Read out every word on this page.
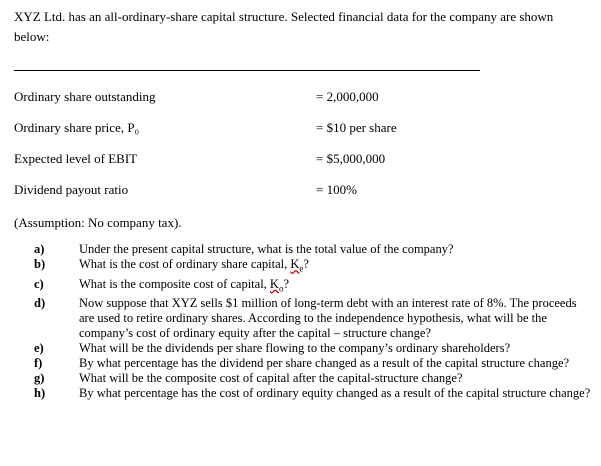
XYZ Ltd. has an all-ordinary-share capital structure. Selected financial data for the company are shown below:
Ordinary share outstanding	= 2,000,000
Ordinary share price, P₀	= $10 per share
Expected level of EBIT	= $5,000,000
Dividend payout ratio	= 100%
(Assumption: No company tax).
a)	Under the present capital structure, what is the total value of the company?
b)	What is the cost of ordinary share capital, $K_e$?
c)	What is the composite cost of capital, $K_o$?
d)	Now suppose that XYZ sells $1 million of long-term debt with an interest rate of 8%. The proceeds are used to retire ordinary shares. According to the independence hypothesis, what will be the company’s cost of ordinary equity after the capital – structure change?
e)	What will be the dividends per share flowing to the company’s ordinary shareholders?
f)	By what percentage has the dividend per share changed as a result of the capital structure change?
g)	What will be the composite cost of capital after the capital-structure change?
h)	By what percentage has the cost of ordinary equity changed as a result of the capital structure change?
